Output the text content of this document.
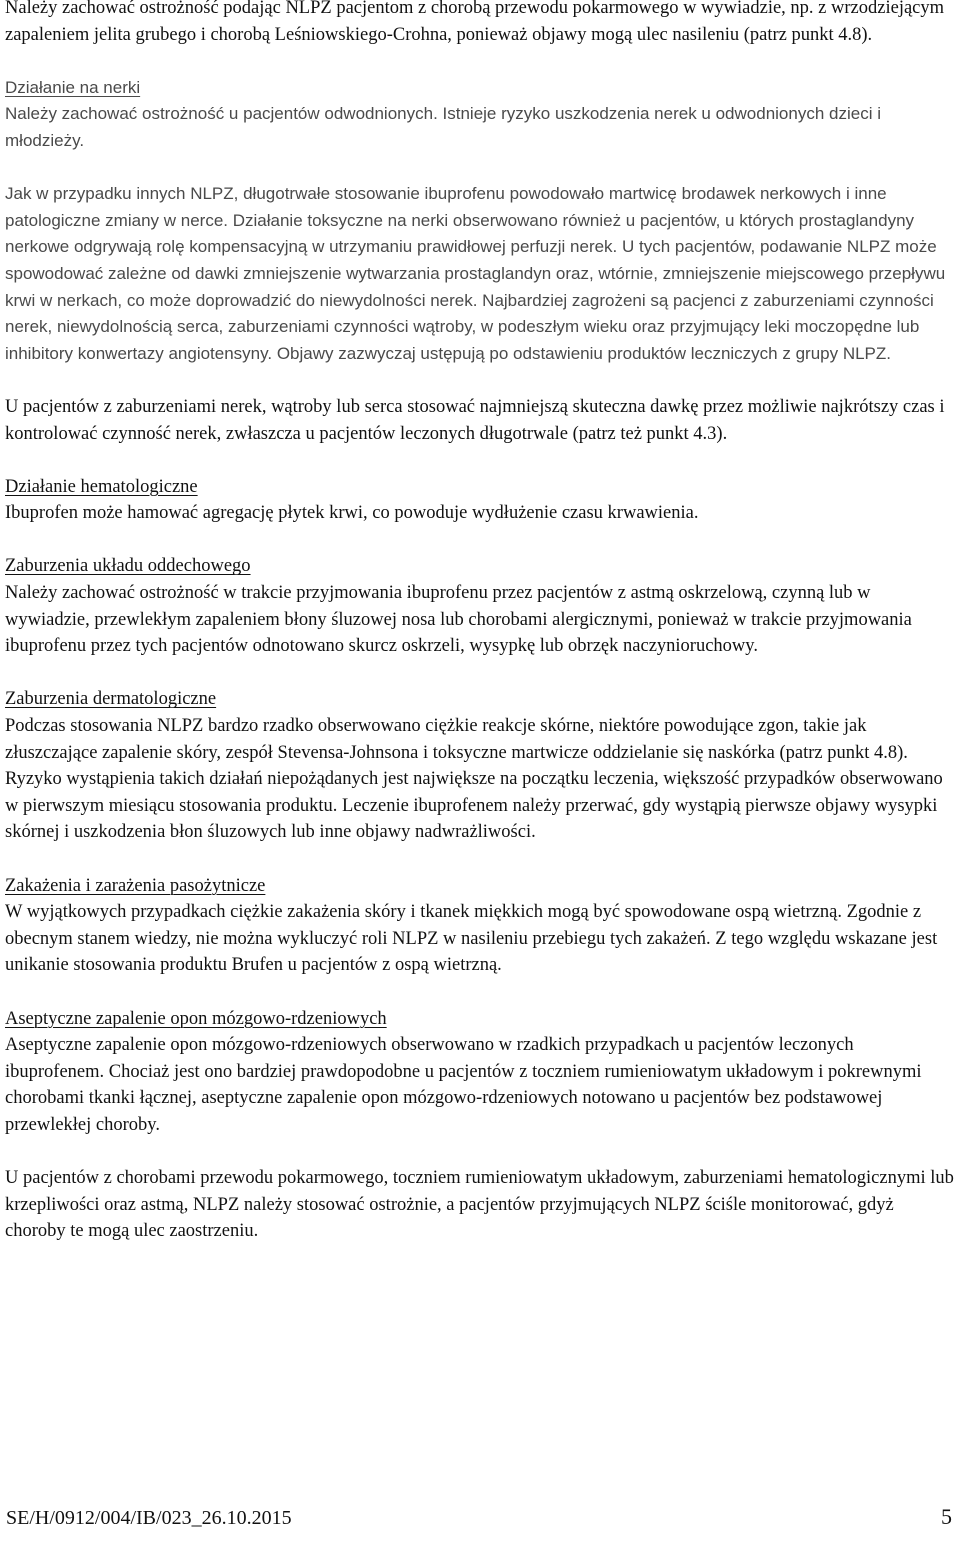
Należy zachować ostrożność podając NLPZ pacjentom z chorobą przewodu pokarmowego w wywiadzie, np. z wrzodziejącym zapaleniem jelita grubego i chorobą Leśniowskiego-Crohna, ponieważ objawy mogą ulec nasileniu (patrz punkt 4.8).

Działanie na nerki
Należy zachować ostrożność u pacjentów odwodnionych. Istnieje ryzyko uszkodzenia nerek u odwodnionych dzieci i młodzieży.

Jak w przypadku innych NLPZ, długotrwałe stosowanie ibuprofenu powodowało martwicę brodawek nerkowych i inne patologiczne zmiany w nerce. Działanie toksyczne na nerki obserwowano również u pacjentów, u których prostaglandyny nerkowe odgrywają rolę kompensacyjną w utrzymaniu prawidłowej perfuzji nerek. U tych pacjentów, podawanie NLPZ może spowodować zależne od dawki zmniejszenie wytwarzania prostaglandyn oraz, wtórnie, zmniejszenie miejscowego przepływu krwi w nerkach, co może doprowadzić do niewydolności nerek. Najbardziej zagrożeni są pacjenci z zaburzeniami czynności nerek, niewydolnością serca, zaburzeniami czynności wątroby, w podeszłym wieku oraz przyjmujący leki moczopędne lub inhibitory konwertazy angiotensyny. Objawy zazwyczaj ustępują po odstawieniu produktów leczniczych z grupy NLPZ.

U pacjentów z zaburzeniami nerek, wątroby lub serca stosować najmniejszą skuteczna dawkę przez możliwie najkrótszy czas i kontrolować czynność nerek, zwłaszcza u pacjentów leczonych długotrwale (patrz też punkt 4.3).

Działanie hematologiczne
Ibuprofen może hamować agregację płytek krwi, co powoduje wydłużenie czasu krwawienia.
Zaburzenia układu oddechowego
Należy zachować ostrożność w trakcie przyjmowania ibuprofenu przez pacjentów z astmą oskrzelową, czynną lub w wywiadzie, przewlekłym zapaleniem błony śluzowej nosa lub chorobami alergicznymi, ponieważ w trakcie przyjmowania ibuprofenu przez tych pacjentów odnotowano skurcz oskrzeli, wysypkę lub obrzęk naczynioruchowy.
Zaburzenia dermatologiczne
Podczas stosowania NLPZ bardzo rzadko obserwowano ciężkie reakcje skórne, niektóre powodujące zgon, takie jak złuszczające zapalenie skóry, zespół Stevensa-Johnsona i toksyczne martwicze oddzielanie się naskórka (patrz punkt 4.8). Ryzyko wystąpienia takich działań niepożądanych jest największe na początku leczenia, większość przypadków obserwowano w pierwszym miesiącu stosowania produktu. Leczenie ibuprofenem należy przerwać, gdy wystąpią pierwsze objawy wysypki skórnej i uszkodzenia błon śluzowych lub inne objawy nadwrażliwości.
Zakażenia i zarażenia pasożytnicze
W wyjątkowych przypadkach ciężkie zakażenia skóry i tkanek miękkich mogą być spowodowane ospą wietrzną. Zgodnie z obecnym stanem wiedzy, nie można wykluczyć roli NLPZ w nasileniu przebiegu tych zakażeń. Z tego względu wskazane jest unikanie stosowania produktu Brufen u pacjentów z ospą wietrzną.
Aseptyczne zapalenie opon mózgowo-rdzeniowych
Aseptyczne zapalenie opon mózgowo-rdzeniowych obserwowano w rzadkich przypadkach u pacjentów leczonych ibuprofenem. Chociaż jest ono bardziej prawdopodobne u pacjentów z toczniem rumieniowatym układowym i pokrewnymi chorobami tkanki łącznej, aseptyczne zapalenie opon mózgowo-rdzeniowych notowano u pacjentów bez podstawowej przewlekłej choroby.

U pacjentów z chorobami przewodu pokarmowego, toczniem rumieniowatym układowym, zaburzeniami hematologicznymi lub krzepliwości oraz astmą, NLPZ należy stosować ostrożnie, a pacjentów przyjmujących NLPZ ściśle monitorować, gdyż choroby te mogą ulec zaostrzeniu.

SE/H/0912/004/IB/023_26.10.2015	5
